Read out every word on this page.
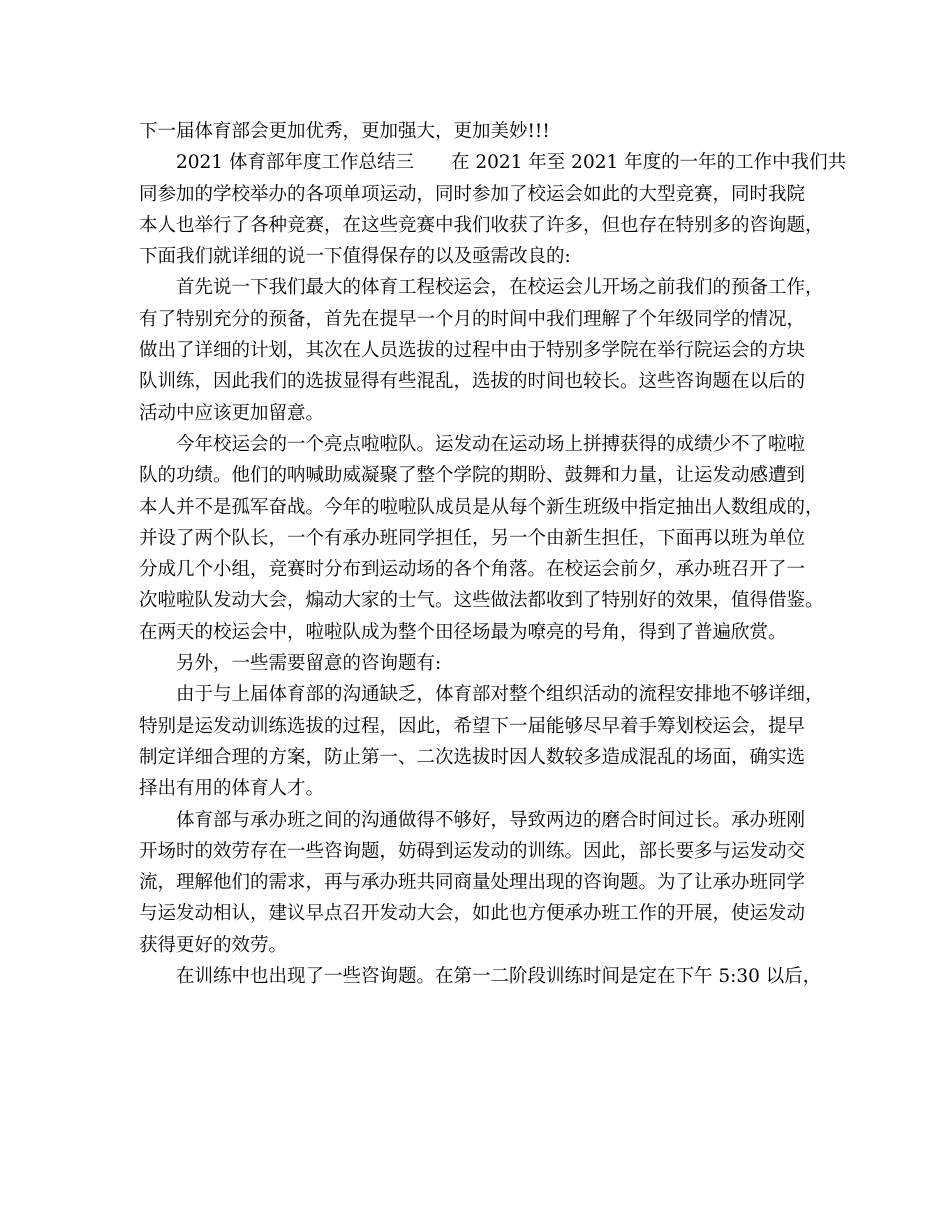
下一届体育部会更加优秀，更加强大，更加美妙!!!
2021 体育部年度工作总结三　　在 2021 年至 2021 年度的一年的工作中我们共
同参加的学校举办的各项单项运动，同时参加了校运会如此的大型竞赛，同时我院
本人也举行了各种竞赛，在这些竞赛中我们收获了许多，但也存在特别多的咨询题，
下面我们就详细的说一下值得保存的以及亟需改良的:
首先说一下我们最大的体育工程校运会，在校运会儿开场之前我们的预备工作，
有了特别充分的预备，首先在提早一个月的时间中我们理解了个年级同学的情况，
做出了详细的计划，其次在人员选拔的过程中由于特别多学院在举行院运会的方块
队训练，因此我们的选拔显得有些混乱，选拔的时间也较长。这些咨询题在以后的
活动中应该更加留意。
今年校运会的一个亮点啦啦队。运发动在运动场上拼搏获得的成绩少不了啦啦
队的功绩。他们的呐喊助威凝聚了整个学院的期盼、鼓舞和力量，让运发动感遭到
本人并不是孤军奋战。今年的啦啦队成员是从每个新生班级中指定抽出人数组成的，
并设了两个队长，一个有承办班同学担任，另一个由新生担任，下面再以班为单位
分成几个小组，竞赛时分布到运动场的各个角落。在校运会前夕，承办班召开了一
次啦啦队发动大会，煽动大家的士气。这些做法都收到了特别好的效果，值得借鉴。
在两天的校运会中，啦啦队成为整个田径场最为嘹亮的号角，得到了普遍欣赏。
另外，一些需要留意的咨询题有:
由于与上届体育部的沟通缺乏，体育部对整个组织活动的流程安排地不够详细，
特别是运发动训练选拔的过程，因此，希望下一届能够尽早着手筹划校运会，提早
制定详细合理的方案，防止第一、二次选拔时因人数较多造成混乱的场面，确实选
择出有用的体育人才。
体育部与承办班之间的沟通做得不够好，导致两边的磨合时间过长。承办班刚
开场时的效劳存在一些咨询题，妨碍到运发动的训练。因此，部长要多与运发动交
流，理解他们的需求，再与承办班共同商量处理出现的咨询题。为了让承办班同学
与运发动相认，建议早点召开发动大会，如此也方便承办班工作的开展，使运发动
获得更好的效劳。
在训练中也出现了一些咨询题。在第一二阶段训练时间是定在下午 5:30 以后，
